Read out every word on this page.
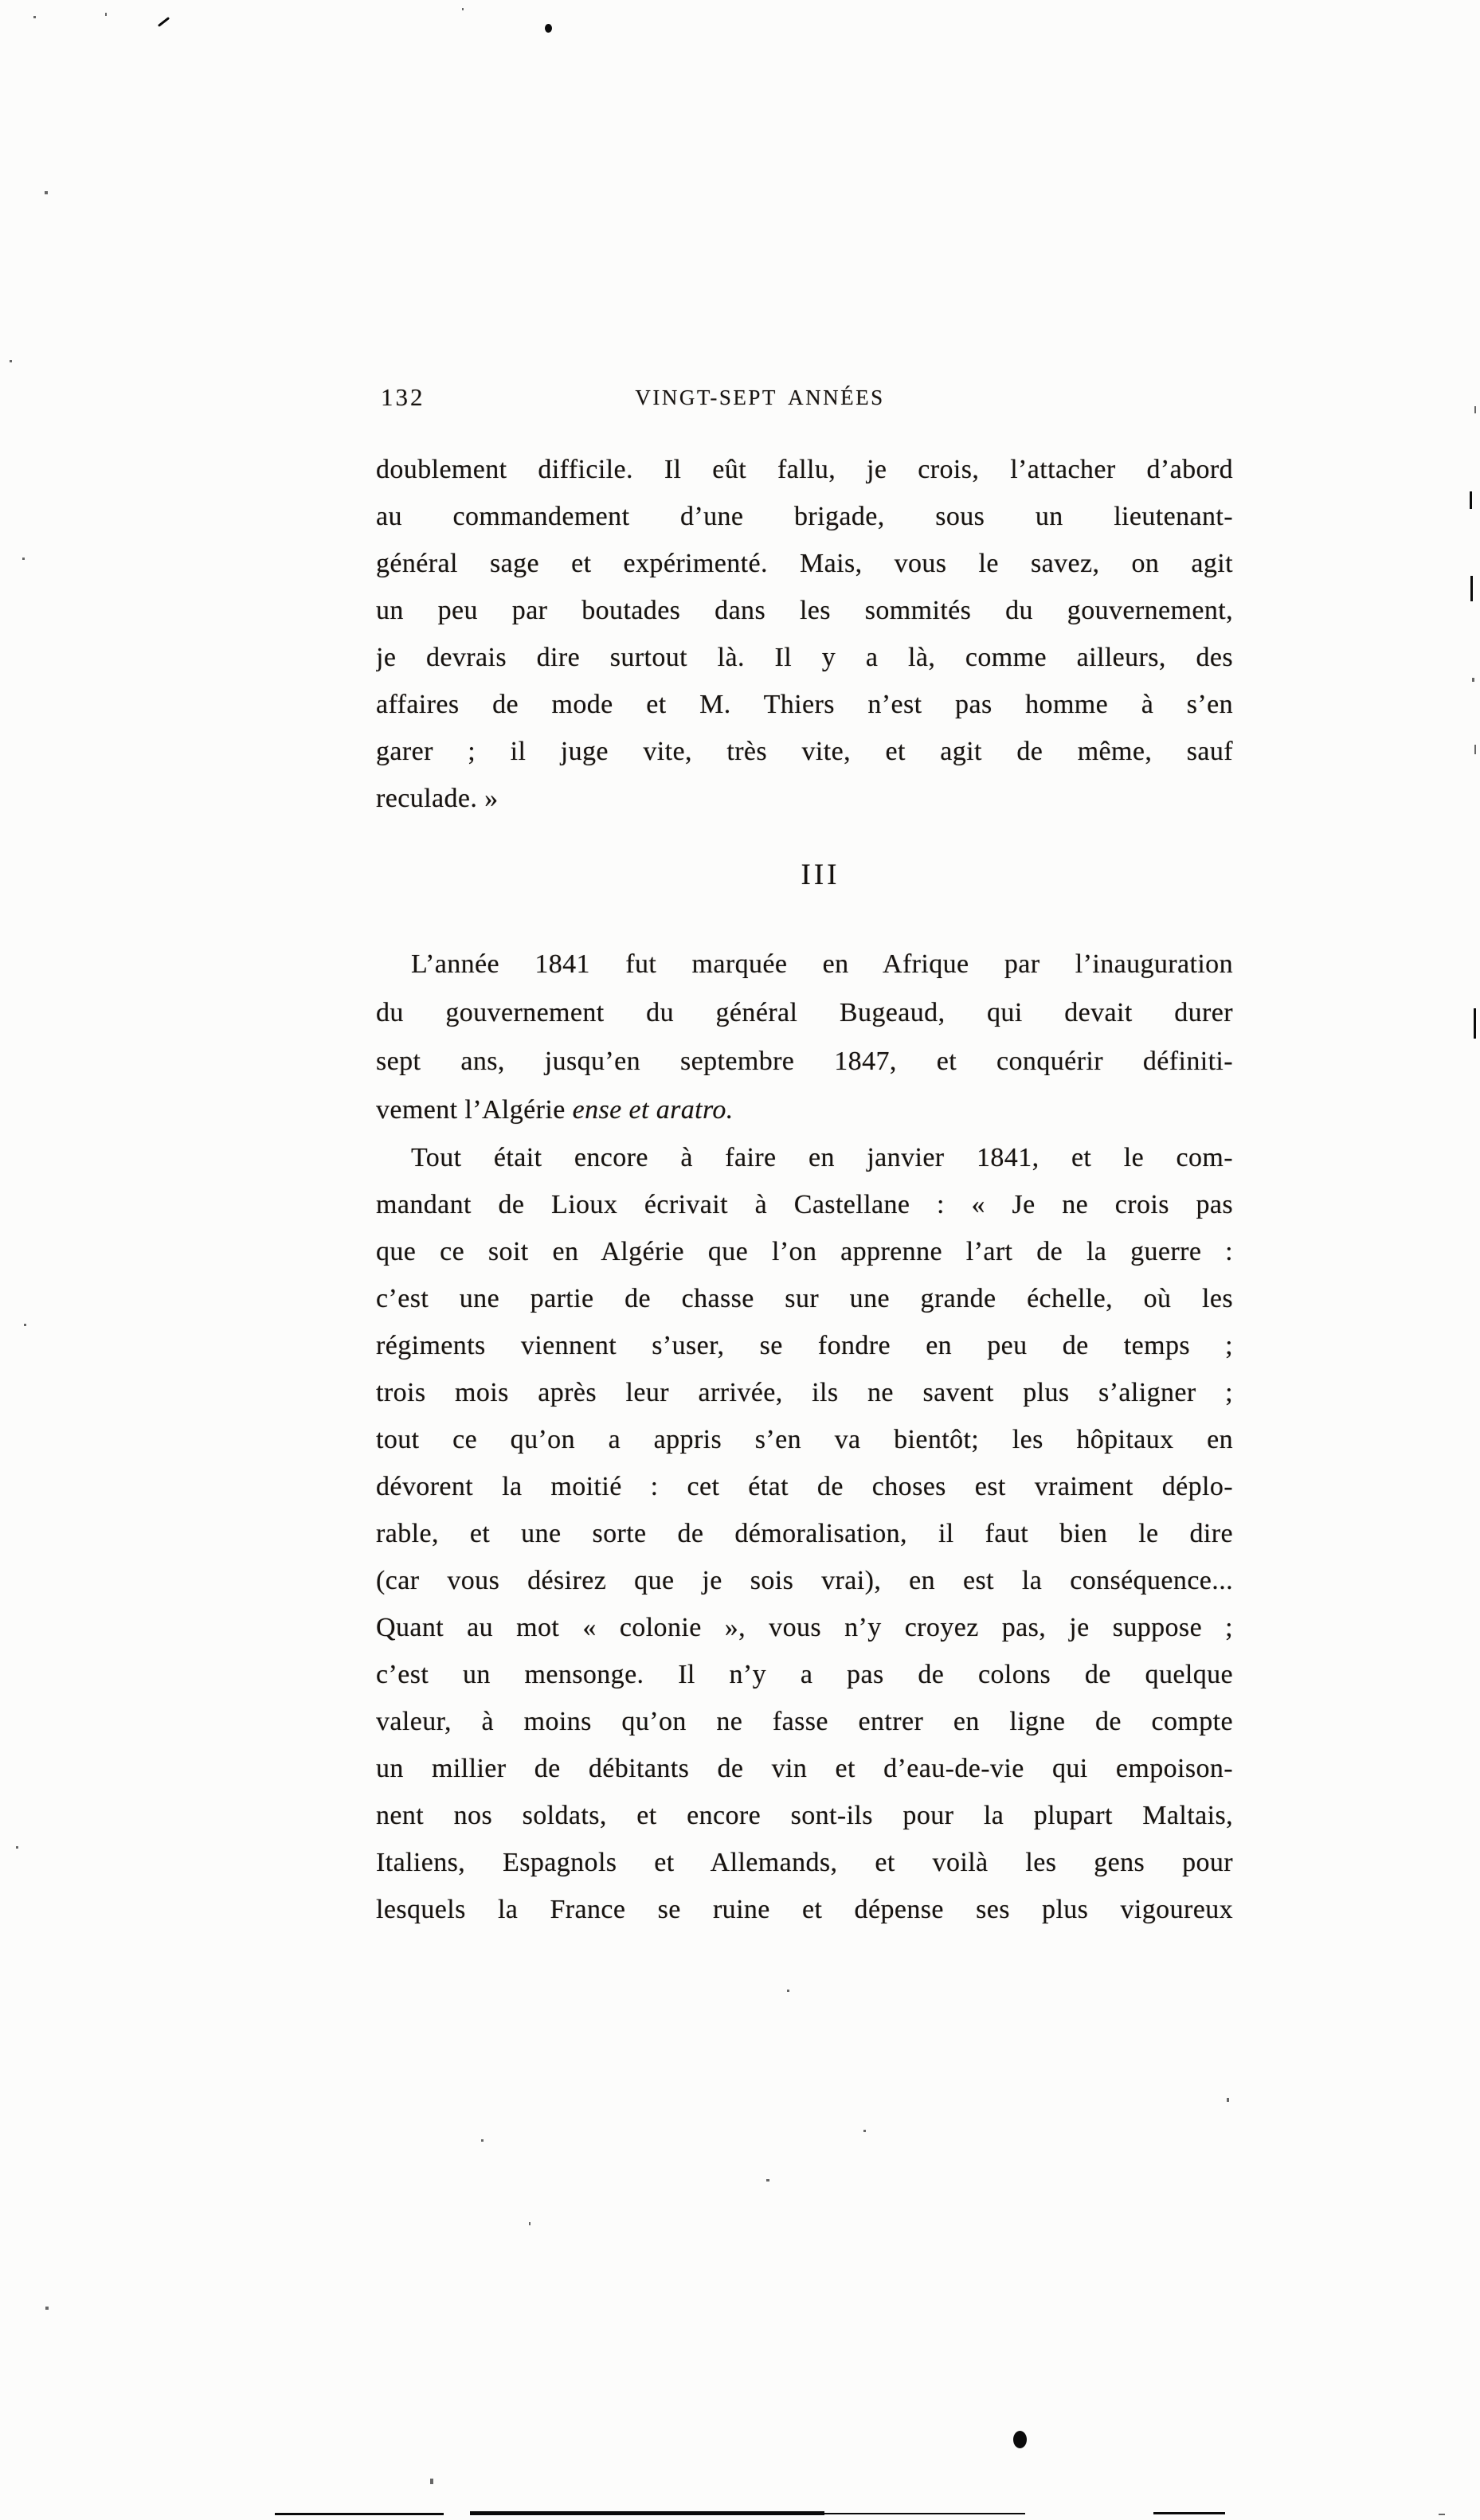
132	VINGT-SEPT ANNÉES
doublement difficile. Il eût fallu, je crois, l’attacher d’abord
au commandement d’une brigade, sous un lieutenant-
général sage et expérimenté. Mais, vous le savez, on agit
un peu par boutades dans les sommités du gouvernement,
je devrais dire surtout là. Il y a là, comme ailleurs, des
affaires de mode et M. Thiers n’est pas homme à s’en
garer ; il juge vite, très vite, et agit de même, sauf
reculade. »
III
L’année 1841 fut marquée en Afrique par l’inauguration
du gouvernement du général Bugeaud, qui devait durer
sept ans, jusqu’en septembre 1847, et conquérir définiti-
vement l’Algérie ense et aratro.
Tout était encore à faire en janvier 1841, et le com-
mandant de Lioux écrivait à Castellane : « Je ne crois pas
que ce soit en Algérie que l’on apprenne l’art de la guerre :
c’est une partie de chasse sur une grande échelle, où les
régiments viennent s’user, se fondre en peu de temps ;
trois mois après leur arrivée, ils ne savent plus s’aligner ;
tout ce qu’on a appris s’en va bientôt; les hôpitaux en
dévorent la moitié : cet état de choses est vraiment déplo-
rable, et une sorte de démoralisation, il faut bien le dire
(car vous désirez que je sois vrai), en est la conséquence...
Quant au mot « colonie », vous n’y croyez pas, je suppose ;
c’est un mensonge. Il n’y a pas de colons de quelque
valeur, à moins qu’on ne fasse entrer en ligne de compte
un millier de débitants de vin et d’eau-de-vie qui empoison-
nent nos soldats, et encore sont-ils pour la plupart Maltais,
Italiens, Espagnols et Allemands, et voilà les gens pour
lesquels la France se ruine et dépense ses plus vigoureux
